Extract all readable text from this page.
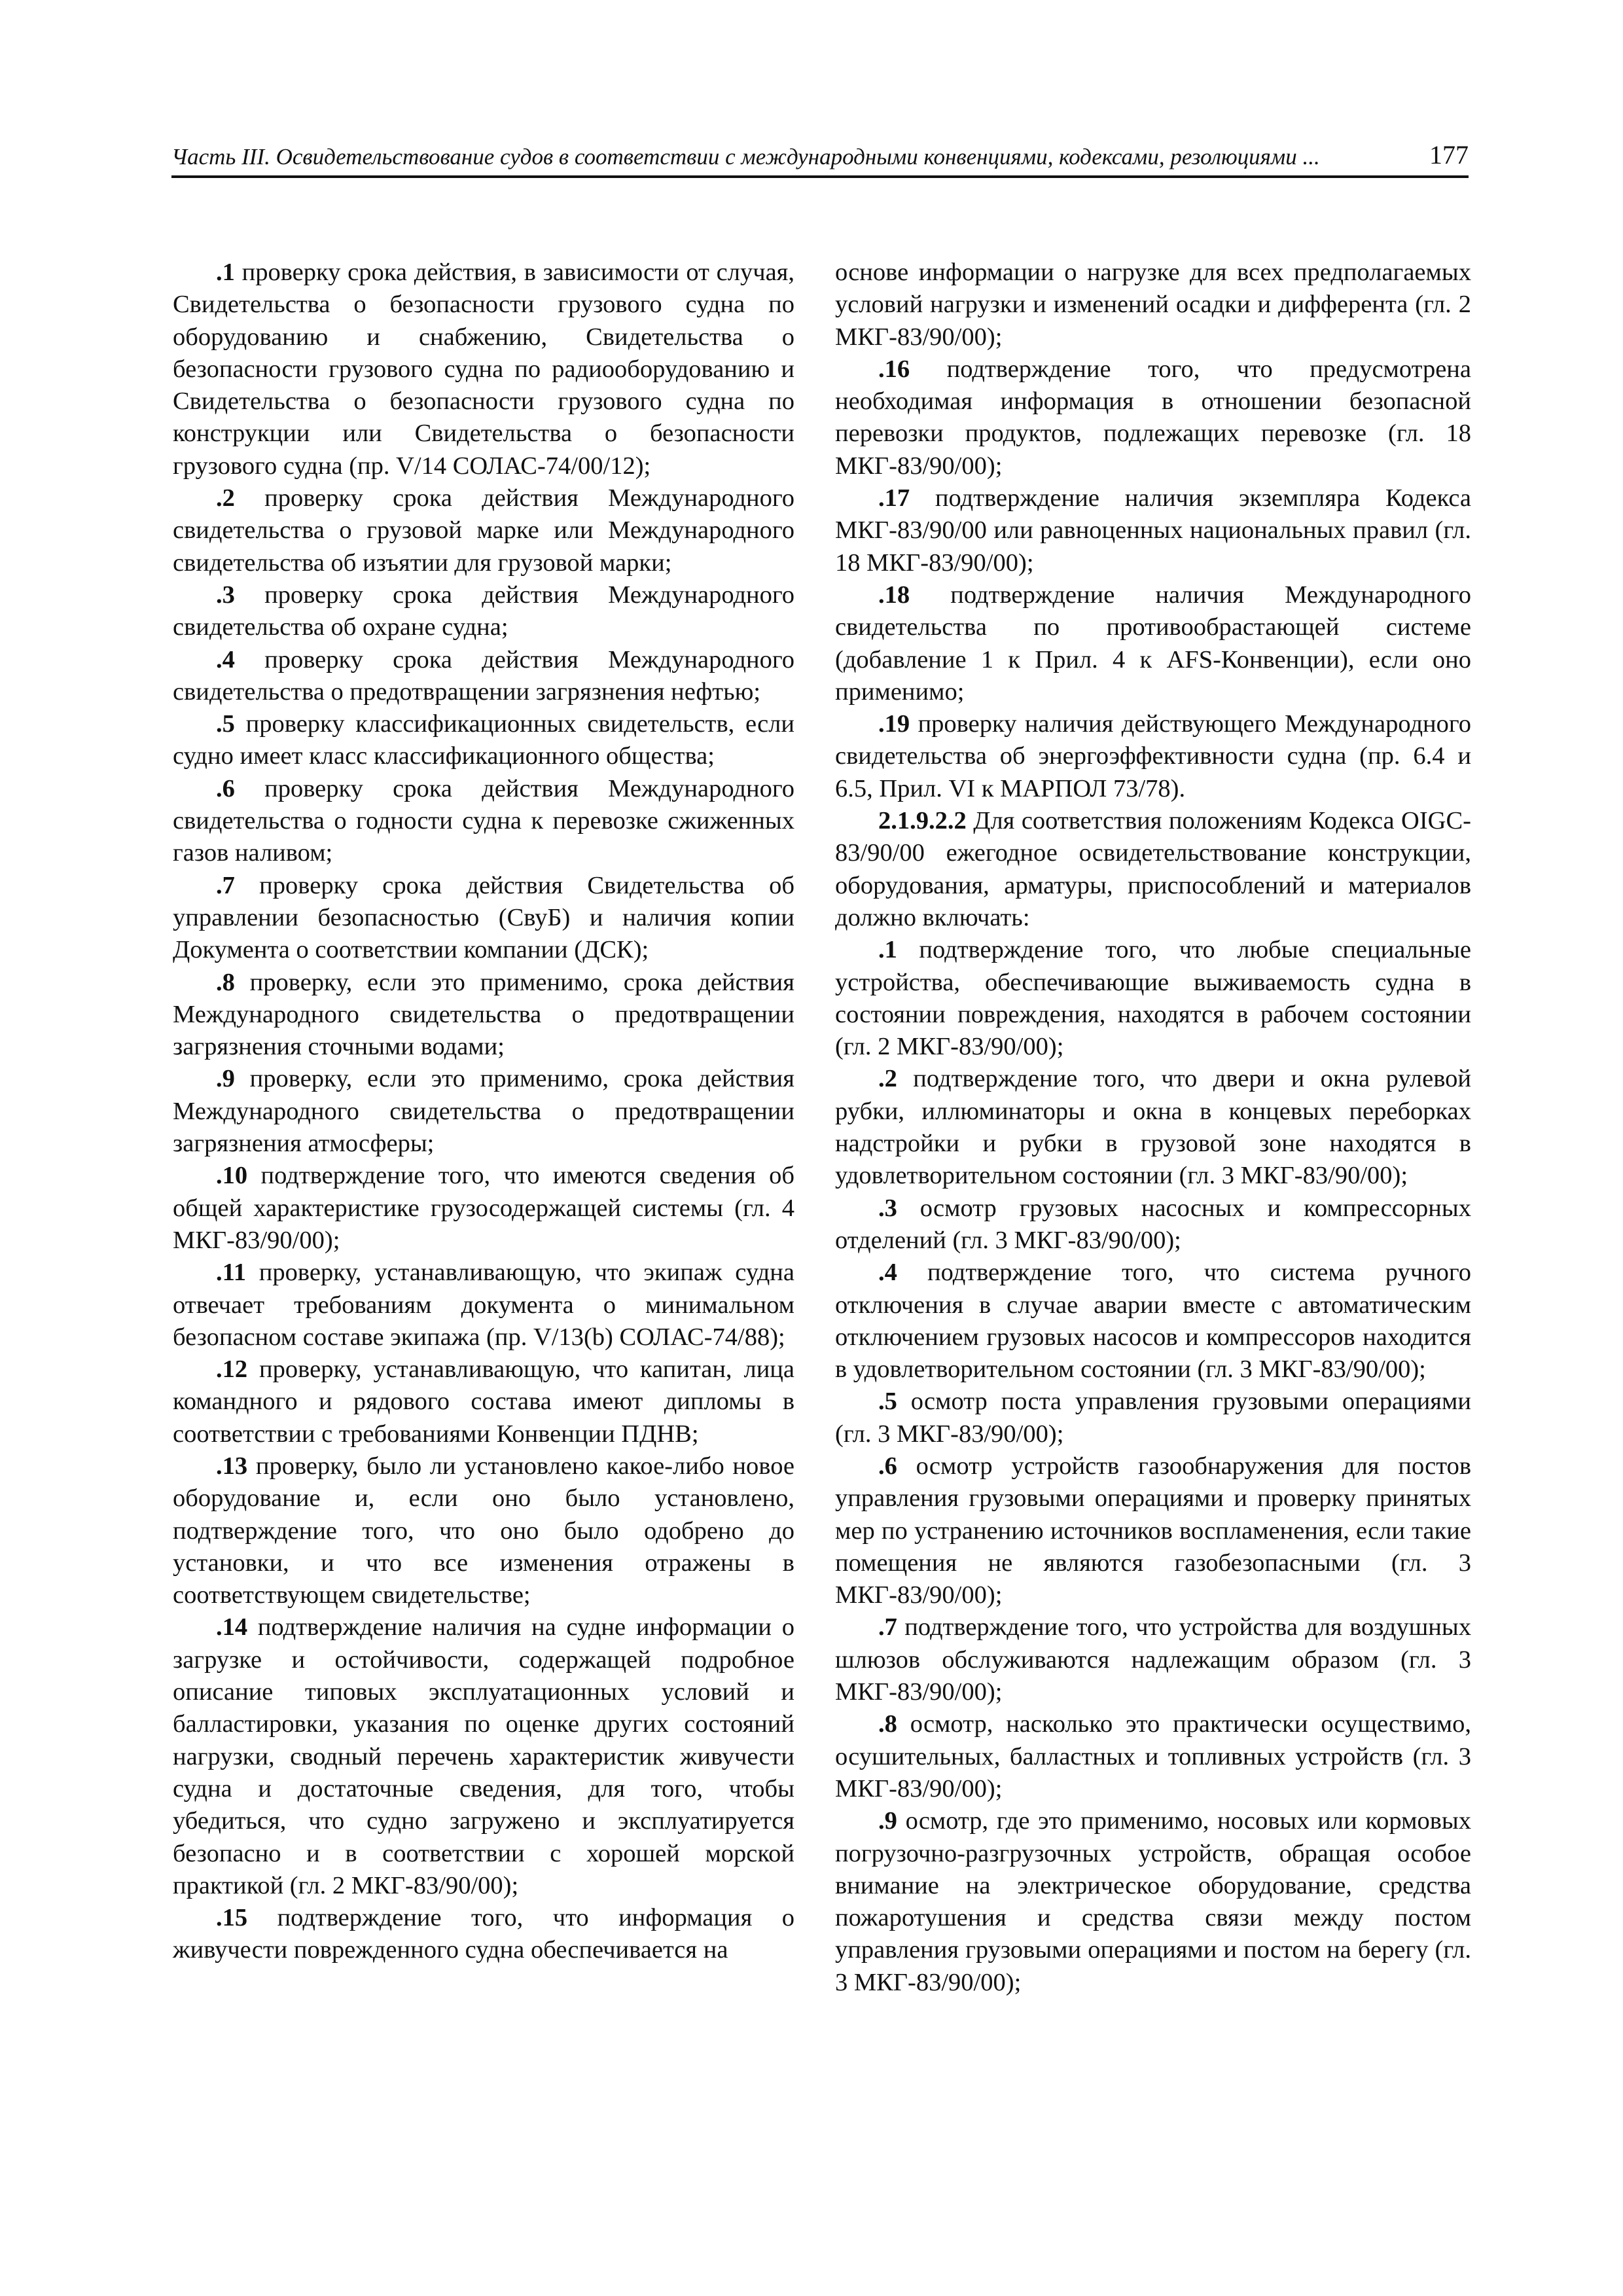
Часть III. Освидетельствование судов в соответствии с международными конвенциями, кодексами, резолюциями ...	177

.1 проверку срока действия, в зависимости от случая, Свидетельства о безопасности грузового судна по оборудованию и снабжению, Свидетельства о безопасности грузового судна по радиооборудованию и Свидетельства о безопасности грузового судна по конструкции или Свидетельства о безопасности грузового судна (пр. V/14 СОЛАС-74/00/12);

.2 проверку срока действия Международного свидетельства о грузовой марке или Международного свидетельства об изъятии для грузовой марки;

.3 проверку срока действия Международного свидетельства об охране судна;

.4 проверку срока действия Международного свидетельства о предотвращении загрязнения нефтью;

.5 проверку классификационных свидетельств, если судно имеет класс классификационного общества;

.6 проверку срока действия Международного свидетельства о годности судна к перевозке сжиженных газов наливом;

.7 проверку срока действия Свидетельства об управлении безопасностью (СвуБ) и наличия копии Документа о соответствии компании (ДСК);

.8 проверку, если это применимо, срока действия Международного свидетельства о предотвращении загрязнения сточными водами;

.9 проверку, если это применимо, срока действия Международного свидетельства о предотвращении загрязнения атмосферы;

.10 подтверждение того, что имеются сведения об общей характеристике грузосодержащей системы (гл. 4 МКГ-83/90/00);

.11 проверку, устанавливающую, что экипаж судна отвечает требованиям документа о минимальном безопасном составе экипажа (пр. V/13(b) СОЛАС-74/88);

.12 проверку, устанавливающую, что капитан, лица командного и рядового состава имеют дипломы в соответствии с требованиями Конвенции ПДНВ;

.13 проверку, было ли установлено какое-либо новое оборудование и, если оно было установлено, подтверждение того, что оно было одобрено до установки, и что все изменения отражены в соответствующем свидетельстве;

.14 подтверждение наличия на судне информации о загрузке и остойчивости, содержащей подробное описание типовых эксплуатационных условий и балластировки, указания по оценке других состояний нагрузки, сводный перечень характеристик живучести судна и достаточные сведения, для того, чтобы убедиться, что судно загружено и эксплуатируется безопасно и в соответствии с хорошей морской практикой (гл. 2 МКГ-83/90/00);

.15 подтверждение того, что информация о живучести поврежденного судна обеспечивается на

основе информации о нагрузке для всех предполагаемых условий нагрузки и изменений осадки и дифферента (гл. 2 МКГ-83/90/00);

.16 подтверждение того, что предусмотрена необходимая информация в отношении безопасной перевозки продуктов, подлежащих перевозке (гл. 18 МКГ-83/90/00);

.17 подтверждение наличия экземпляра Кодекса МКГ-83/90/00 или равноценных национальных правил (гл. 18 МКГ-83/90/00);

.18 подтверждение наличия Международного свидетельства по противообрастающей системе (добавление 1 к Прил. 4 к AFS-Конвенции), если оно применимо;

.19 проверку наличия действующего Международного свидетельства об энергоэффективности судна (пр. 6.4 и 6.5, Прил. VI к МАРПОЛ 73/78).

2.1.9.2.2 Для соответствия положениям Кодекса OIGC-83/90/00 ежегодное освидетельствование конструкции, оборудования, арматуры, приспособлений и материалов должно включать:

.1 подтверждение того, что любые специальные устройства, обеспечивающие выживаемость судна в состоянии повреждения, находятся в рабочем состоянии (гл. 2 МКГ-83/90/00);

.2 подтверждение того, что двери и окна рулевой рубки, иллюминаторы и окна в концевых переборках надстройки и рубки в грузовой зоне находятся в удовлетворительном состоянии (гл. 3 МКГ-83/90/00);

.3 осмотр грузовых насосных и компрессорных отделений (гл. 3 МКГ-83/90/00);

.4 подтверждение того, что система ручного отключения в случае аварии вместе с автоматическим отключением грузовых насосов и компрессоров находится в удовлетворительном состоянии (гл. 3 МКГ-83/90/00);

.5 осмотр поста управления грузовыми операциями (гл. 3 МКГ-83/90/00);

.6 осмотр устройств газообнаружения для постов управления грузовыми операциями и проверку принятых мер по устранению источников воспламенения, если такие помещения не являются газобезопасными (гл. 3 МКГ-83/90/00);

.7 подтверждение того, что устройства для воздушных шлюзов обслуживаются надлежащим образом (гл. 3 МКГ-83/90/00);

.8 осмотр, насколько это практически осуществимо, осушительных, балластных и топливных устройств (гл. 3 МКГ-83/90/00);

.9 осмотр, где это применимо, носовых или кормовых погрузочно-разгрузочных устройств, обращая особое внимание на электрическое оборудование, средства пожаротушения и средства связи между постом управления грузовыми операциями и постом на берегу (гл. 3 МКГ-83/90/00);
